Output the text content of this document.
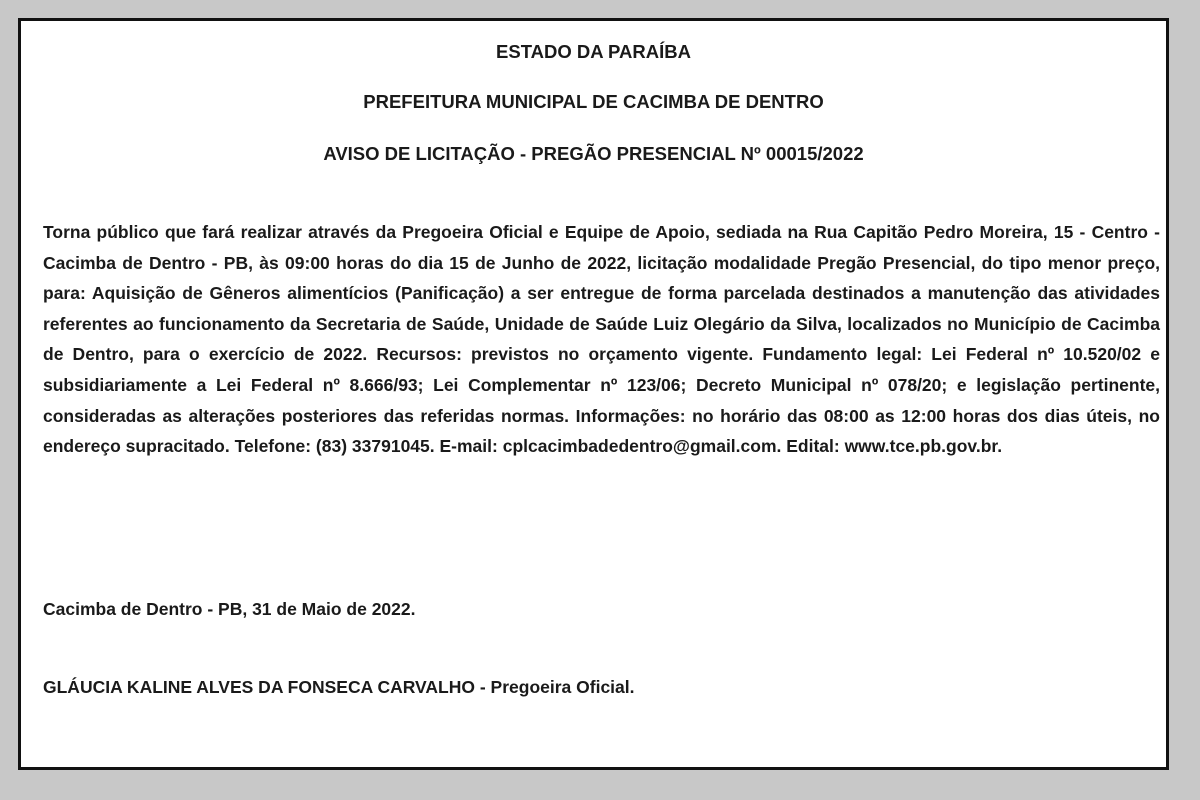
ESTADO DA PARAÍBA

PREFEITURA MUNICIPAL DE CACIMBA DE DENTRO

AVISO DE LICITAÇÃO - PREGÃO PRESENCIAL Nº 00015/2022

Torna público que fará realizar através da Pregoeira Oficial e Equipe de Apoio, sediada na Rua Capitão Pedro Moreira, 15 - Centro - Cacimba de Dentro - PB, às 09:00 horas do dia 15 de Junho de 2022, licitação modalidade Pregão Presencial, do tipo menor preço, para: Aquisição de Gêneros alimentícios (Panificação) a ser entregue de forma parcelada destinados a manutenção das atividades referentes ao funcionamento da Secretaria de Saúde, Unidade de Saúde Luiz Olegário da Silva, localizados no Município de Cacimba de Dentro, para o exercício de 2022. Recursos: previstos no orçamento vigente. Fundamento legal: Lei Federal nº 10.520/02 e subsidiariamente a Lei Federal nº 8.666/93; Lei Complementar nº 123/06; Decreto Municipal nº 078/20; e legislação pertinente, consideradas as alterações posteriores das referidas normas. Informações: no horário das 08:00 as 12:00 horas dos dias úteis, no endereço supracitado. Telefone: (83) 33791045. E-mail: cplcacimbadedentro@gmail.com. Edital: www.tce.pb.gov.br.

Cacimba de Dentro - PB, 31 de Maio de 2022.

GLÁUCIA KALINE ALVES DA FONSECA CARVALHO - Pregoeira Oficial.
